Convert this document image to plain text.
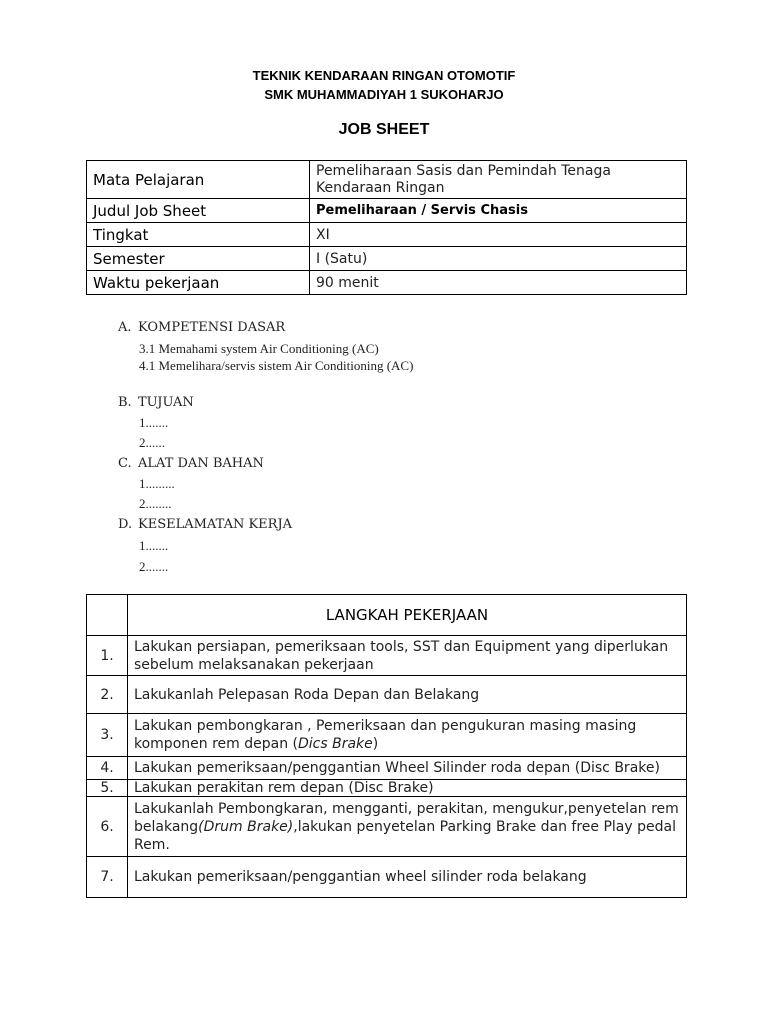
TEKNIK KENDARAAN RINGAN OTOMOTIF
SMK MUHAMMADIYAH 1 SUKOHARJO
JOB SHEET
Mata Pelajaran	Pemeliharaan Sasis dan Pemindah Tenaga Kendaraan Ringan
Judul Job Sheet	Pemeliharaan / Servis Chasis
Tingkat	XI
Semester	I (Satu)
Waktu pekerjaan	90 menit
A. KOMPETENSI DASAR
3.1 Memahami system Air Conditioning (AC)
4.1 Memelihara/servis sistem Air Conditioning (AC)
B. TUJUAN
1.......
2......
C. ALAT DAN BAHAN
1.........
2........
D. KESELAMATAN KERJA
1.......
2.......
	LANGKAH PEKERJAAN
1.	Lakukan persiapan, pemeriksaan tools, SST dan Equipment yang diperlukan sebelum melaksanakan pekerjaan
2.	Lakukanlah Pelepasan Roda Depan dan Belakang
3.	Lakukan pembongkaran , Pemeriksaan dan pengukuran masing masing komponen rem depan (Dics Brake)
4.	Lakukan pemeriksaan/penggantian Wheel Silinder roda depan (Disc Brake)
5.	Lakukan perakitan rem depan (Disc Brake)
6.	Lakukanlah Pembongkaran, mengganti, perakitan, mengukur,penyetelan rem belakang(Drum Brake),lakukan penyetelan Parking Brake dan free Play pedal Rem.
7.	Lakukan pemeriksaan/penggantian wheel silinder roda belakang
